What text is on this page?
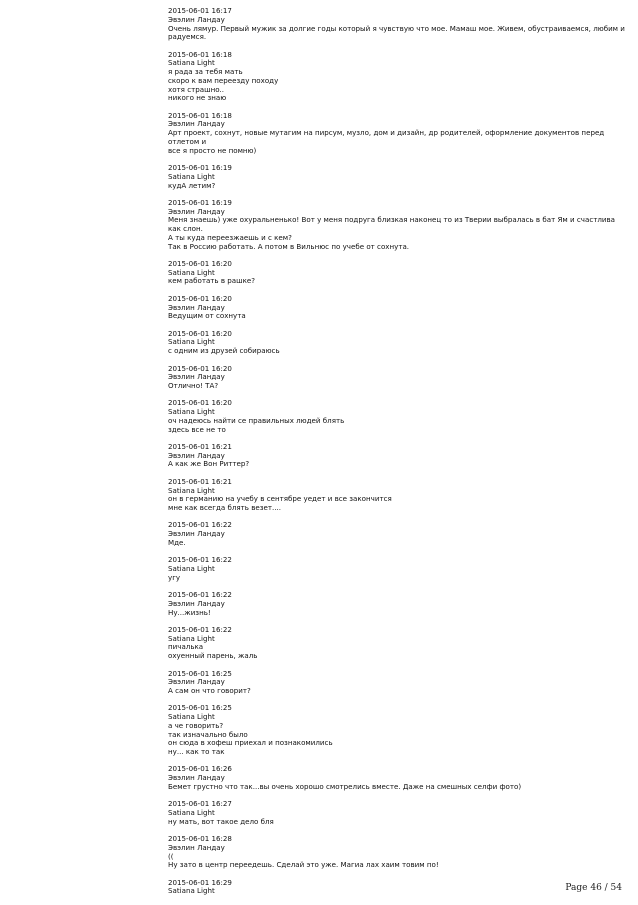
2015-06-01 16:17
Эвэлин Ландау
Очень лямур. Первый мужик за долгие годы который я чувствую что мое. Мамаш мое. Живем, обустраиваемся, любим и
радуемся.
2015-06-01 16:18
Satiana Light
я рада за тебя мать
скоро к вам переезду походу
хотя страшно..
никого не знаю
2015-06-01 16:18
Эвэлин Ландау
Арт проект, сохнут, новые мутагим на пирсум, музло, дом и дизайн, др родителей, оформление документов перед отлетом и
все я просто не помню)
2015-06-01 16:19
Satiana Light
кудА летим?
2015-06-01 16:19
Эвэлин Ландау
Меня знаешь) уже охуральненько! Вот у меня подруга близкая наконец то из Тверии выбралась в бат Ям и счастлива как слон.
А ты куда переезжаешь и с кем?
Так в Россию работать. А потом в Вильнюс по учебе от сохнута.
2015-06-01 16:20
Satiana Light
кем работать в рашке?
2015-06-01 16:20
Эвэлин Ландау
Ведущим от сохнута
2015-06-01 16:20
Satiana Light
с одним из друзей собираюсь
2015-06-01 16:20
Эвэлин Ландау
Отлично! ТА?
2015-06-01 16:20
Satiana Light
оч надеюсь найти се правильных людей блять
здесь все не то
2015-06-01 16:21
Эвэлин Ландау
А как же Вон Риттер?
2015-06-01 16:21
Satiana Light
он в германию на учебу в сентябре уедет и все закончится
мне как всегда блять везет....
2015-06-01 16:22
Эвэлин Ландау
Мде.
2015-06-01 16:22
Satiana Light
угу
2015-06-01 16:22
Эвэлин Ландау
Ну...жизнь!
2015-06-01 16:22
Satiana Light
пичалька
охуенный парень, жаль
2015-06-01 16:25
Эвэлин Ландау
А сам он что говорит?
2015-06-01 16:25
Satiana Light
а че говорить?
так изначально было
он сюда в хофеш приехал и познакомились
ну... как то так
2015-06-01 16:26
Эвэлин Ландау
Бемет грустно что так...вы очень хорошо смотрелись вместе. Даже на смешных селфи фото)
2015-06-01 16:27
Satiana Light
ну мать, вот такое дело бля
2015-06-01 16:28
Эвэлин Ландау
((
Ну зато в центр переедешь. Сделай это уже. Магиа лах хаим товим по!
2015-06-01 16:29
Satiana Light	Page 46 / 54
